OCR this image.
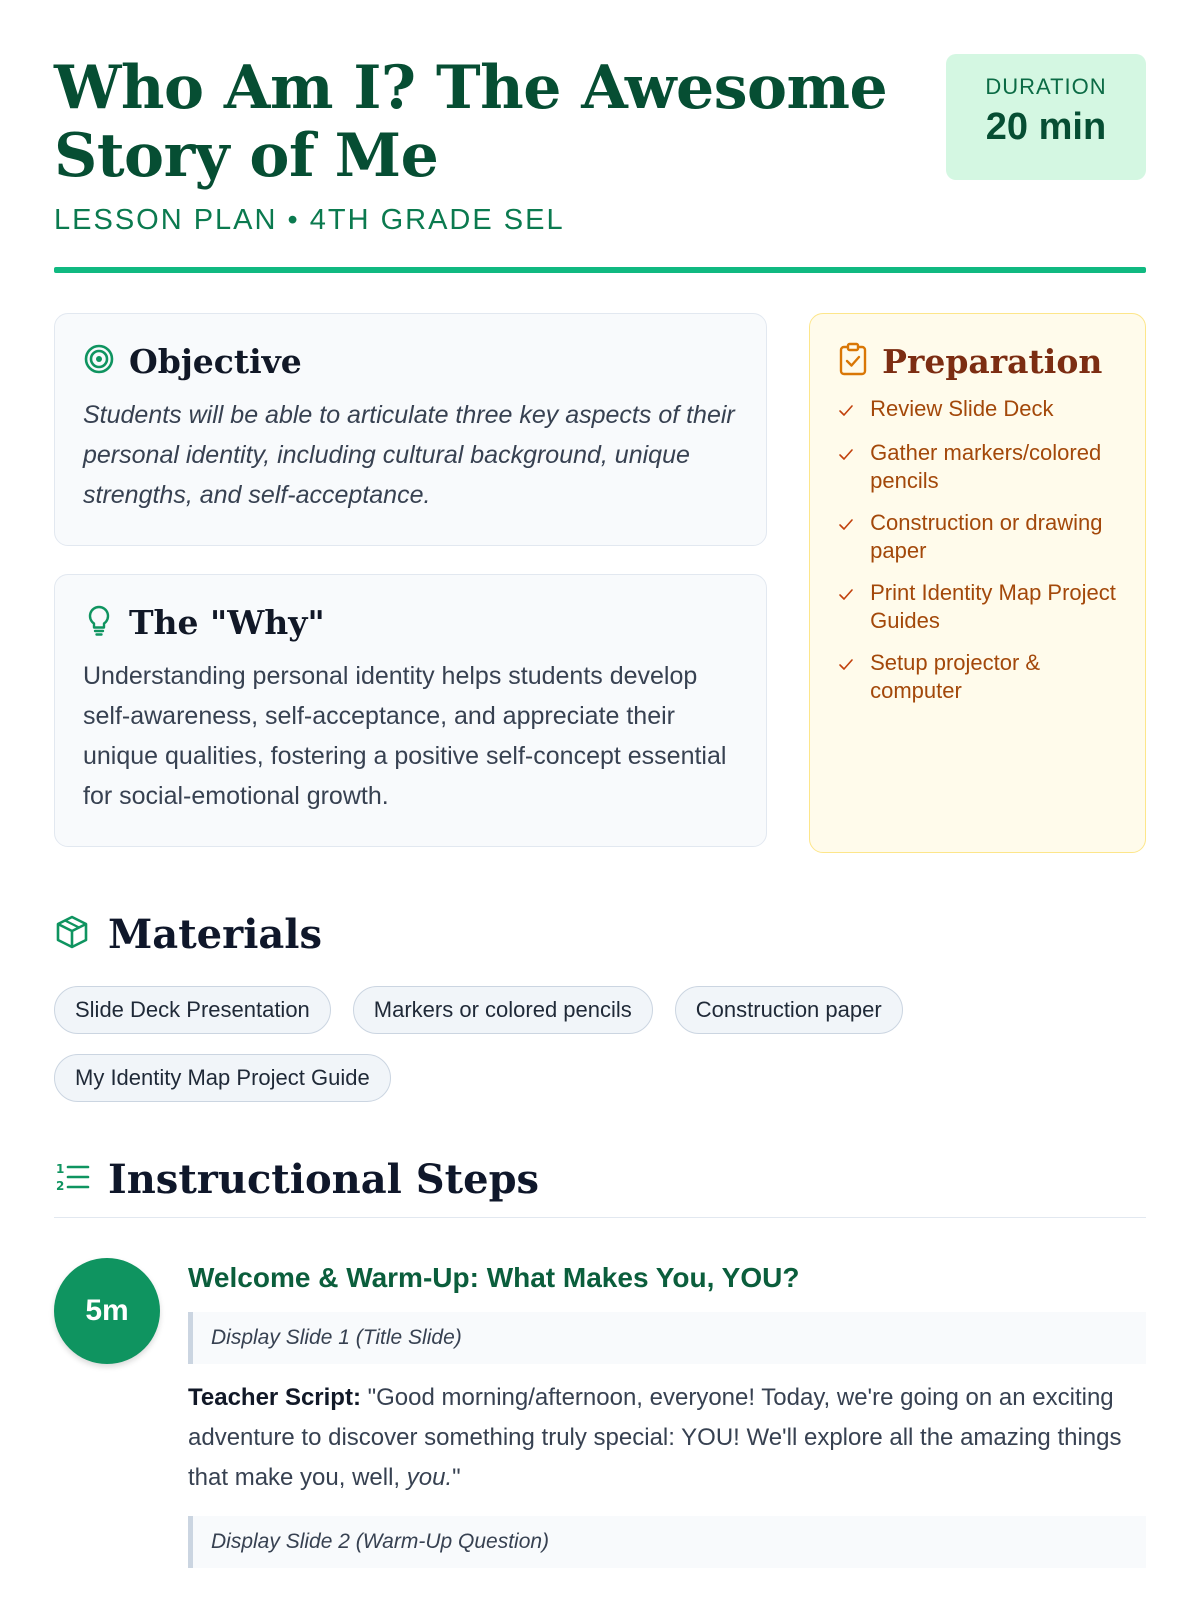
Who Am I? The Awesome Story of Me
LESSON PLAN • 4TH GRADE SEL
DURATION
20 min
Objective
Students will be able to articulate three key aspects of their personal identity, including cultural background, unique strengths, and self-acceptance.
The "Why"
Understanding personal identity helps students develop self-awareness, self-acceptance, and appreciate their unique qualities, fostering a positive self-concept essential for social-emotional growth.
Preparation
Review Slide Deck
Gather markers/colored pencils
Construction or drawing paper
Print Identity Map Project Guides
Setup projector & computer
Materials
Slide Deck Presentation	Markers or colored pencils	Construction paper
My Identity Map Project Guide
1
2 Instructional Steps
5m
Welcome & Warm-Up: What Makes You, YOU?
Display Slide 1 (Title Slide)
Teacher Script: "Good morning/afternoon, everyone! Today, we're going on an exciting adventure to discover something truly special: YOU! We'll explore all the amazing things that make you, well, you."
Display Slide 2 (Warm-Up Question)
